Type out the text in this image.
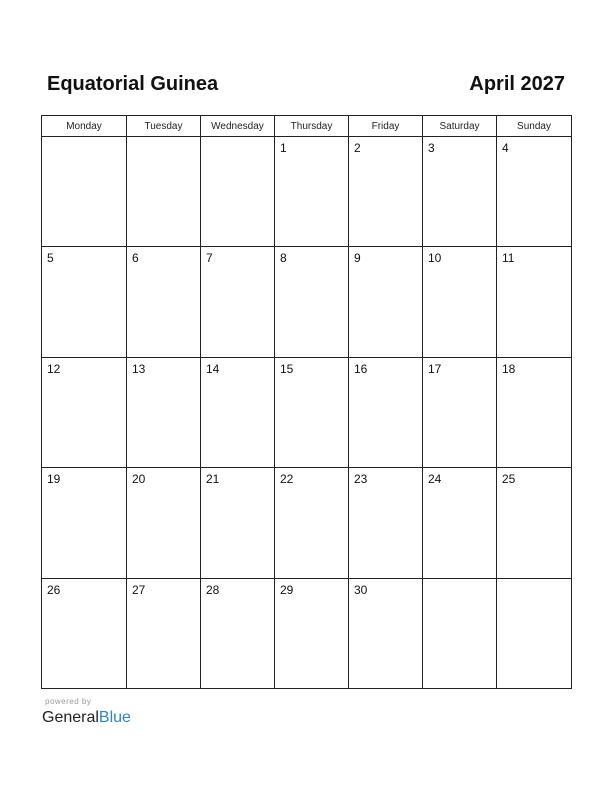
Equatorial Guinea	April 2027
Monday	Tuesday	Wednesday	Thursday	Friday	Saturday	Sunday

			1	2	3	4

5	6	7	8	9	10	11

12	13	14	15	16	17	18

19	20	21	22	23	24	25

26	27	28	29	30		

powered by
GeneralBlue
